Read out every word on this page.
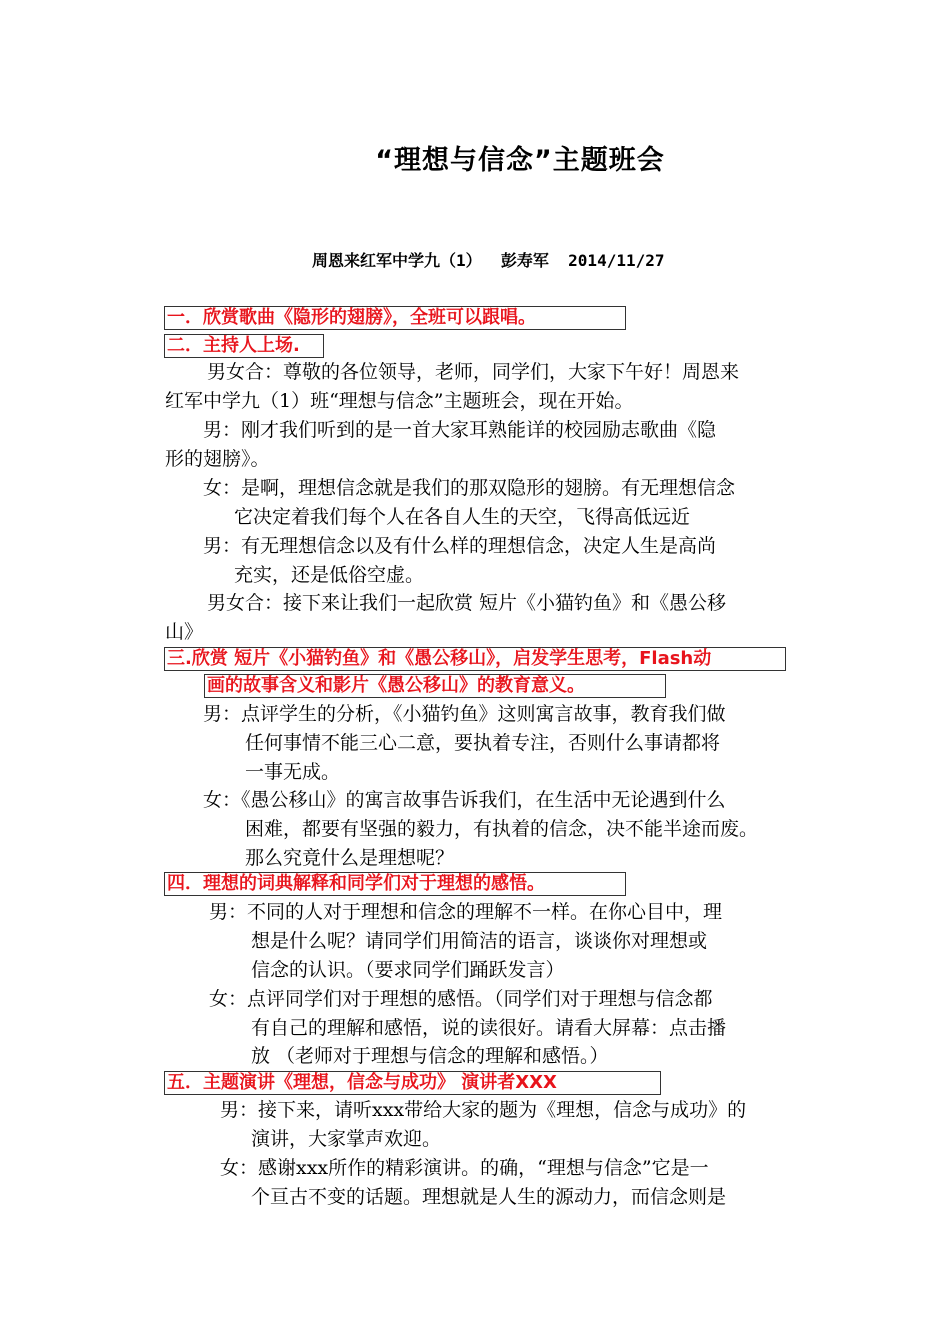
“理想与信念”主题班会
周恩来红军中学九（1）  彭寿军  2014/11/27
一．欣赏歌曲《隐形的翅膀》，全班可以跟唱。
二．主持人上场.
男女合：尊敬的各位领导，老师，同学们，大家下午好！周恩来
红军中学九（1）班“理想与信念”主题班会，现在开始。
男：刚才我们听到的是一首大家耳熟能详的校园励志歌曲《隐
形的翅膀》。
女：是啊，理想信念就是我们的那双隐形的翅膀。有无理想信念
它决定着我们每个人在各自人生的天空，飞得高低远近
男：有无理想信念以及有什么样的理想信念，决定人生是高尚
充实，还是低俗空虚。
男女合：接下来让我们一起欣赏 短片《小猫钓鱼》和《愚公移
山》
三.欣赏 短片《小猫钓鱼》和《愚公移山》，启发学生思考，Flash动
画的故事含义和影片《愚公移山》的教育意义。
男：点评学生的分析，《小猫钓鱼》这则寓言故事，教育我们做
任何事情不能三心二意，要执着专注，否则什么事请都将
一事无成。
女：《愚公移山》的寓言故事告诉我们，在生活中无论遇到什么
困难，都要有坚强的毅力，有执着的信念，决不能半途而废。
那么究竟什么是理想呢？
四．理想的词典解释和同学们对于理想的感悟。
男：不同的人对于理想和信念的理解不一样。在你心目中，理
想是什么呢？请同学们用简洁的语言，谈谈你对理想或
信念的认识。（要求同学们踊跃发言）
女：点评同学们对于理想的感悟。（同学们对于理想与信念都
有自己的理解和感悟，说的读很好。请看大屏幕：点击播
放 （老师对于理想与信念的理解和感悟。）
五．主题演讲《理想，信念与成功》 演讲者XXX
男：接下来，请听xxx带给大家的题为《理想，信念与成功》的
演讲，大家掌声欢迎。
女：感谢xxx所作的精彩演讲。的确，“理想与信念”它是一
个亘古不变的话题。理想就是人生的源动力，而信念则是
